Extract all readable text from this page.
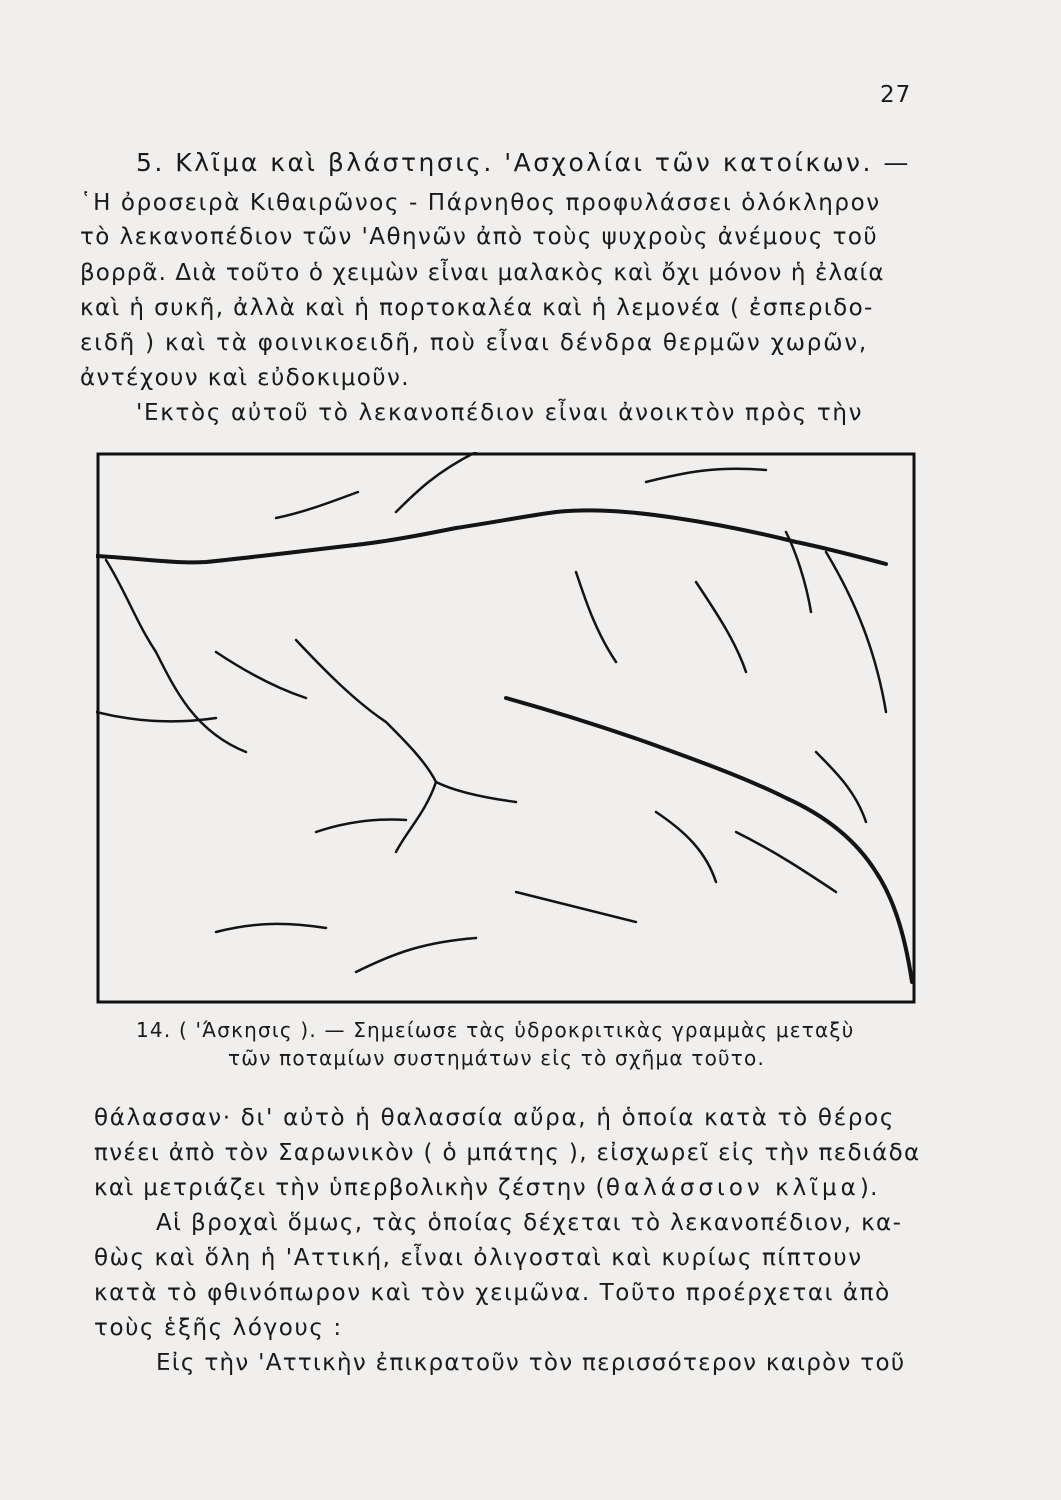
27
5. Κλῖμα καὶ βλάστησις. 'Ασχολίαι τῶν κατοίκων. —
῾Η ὀροσειρὰ Κιθαιρῶνος - Πάρνηθος προφυλάσσει ὁλόκληρον
τὸ λεκανοπέδιον τῶν 'Αθηνῶν ἀπὸ τοὺς ψυχροὺς ἀνέμους τοῦ
βορρᾶ. Διὰ τοῦτο ὁ χειμὼν εἶναι μαλακὸς καὶ ὄχι μόνον ἡ ἐλαία
καὶ ἡ συκῆ, ἀλλὰ καὶ ἡ πορτοκαλέα καὶ ἡ λεμονέα ( ἐσπεριδο-
ειδῆ ) καὶ τὰ φοινικοειδῆ, ποὺ εἶναι δένδρα θερμῶν χωρῶν,
ἀντέχουν καὶ εὐδοκιμοῦν.
'Εκτὸς αὐτοῦ τὸ λεκανοπέδιον εἶναι ἀνοικτὸν πρὸς τὴν
14. ( 'Άσκησις ). — Σημείωσε τὰς ὑδροκριτικὰς γραμμὰς μεταξὺ
τῶν ποταμίων συστημάτων εἰς τὸ σχῆμα τοῦτο.
θάλασσαν· δι' αὐτὸ ἡ θαλασσία αὔρα, ἡ ὁποία κατὰ τὸ θέρος
πνέει ἀπὸ τὸν Σαρωνικὸν ( ὁ μπάτης ), εἰσχωρεῖ εἰς τὴν πεδιάδα
καὶ μετριάζει τὴν ὑπερβολικὴν ζέστην (θαλάσσιον κλῖμα).
Αἱ βροχαὶ ὅμως, τὰς ὁποίας δέχεται τὸ λεκανοπέδιον, κα-
θὼς καὶ ὅλη ἡ 'Αττική, εἶναι ὀλιγοσταὶ καὶ κυρίως πίπτουν
κατὰ τὸ φθινόπωρον καὶ τὸν χειμῶνα. Τοῦτο προέρχεται ἀπὸ
τοὺς ἑξῆς λόγους :
Εἰς τὴν 'Αττικὴν ἐπικρατοῦν τὸν περισσότερον καιρὸν τοῦ
